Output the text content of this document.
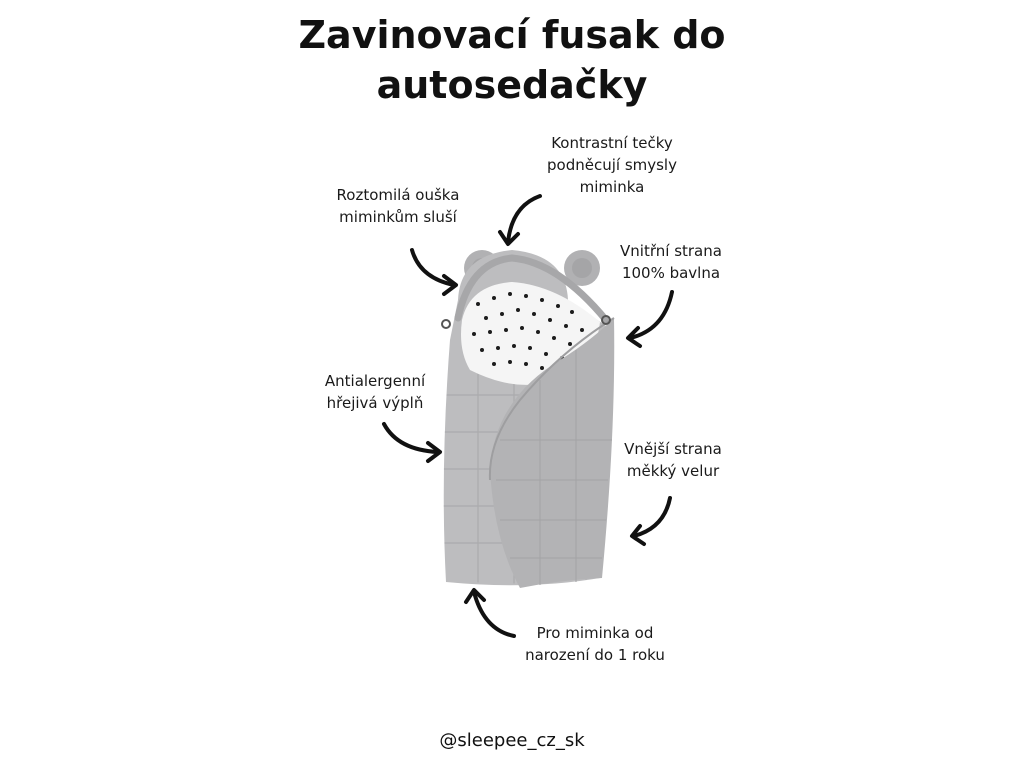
Zavinovací fusak do
autosedačky
Kontrastní tečky
podněcují smysly
miminka
Roztomilá ouška
miminkům sluší
Vnitřní strana
100% bavlna
Antialergenní
hřejivá výplň
Vnější strana
měkký velur
Pro miminka od
narození do 1 roku
@sleepee_cz_sk
